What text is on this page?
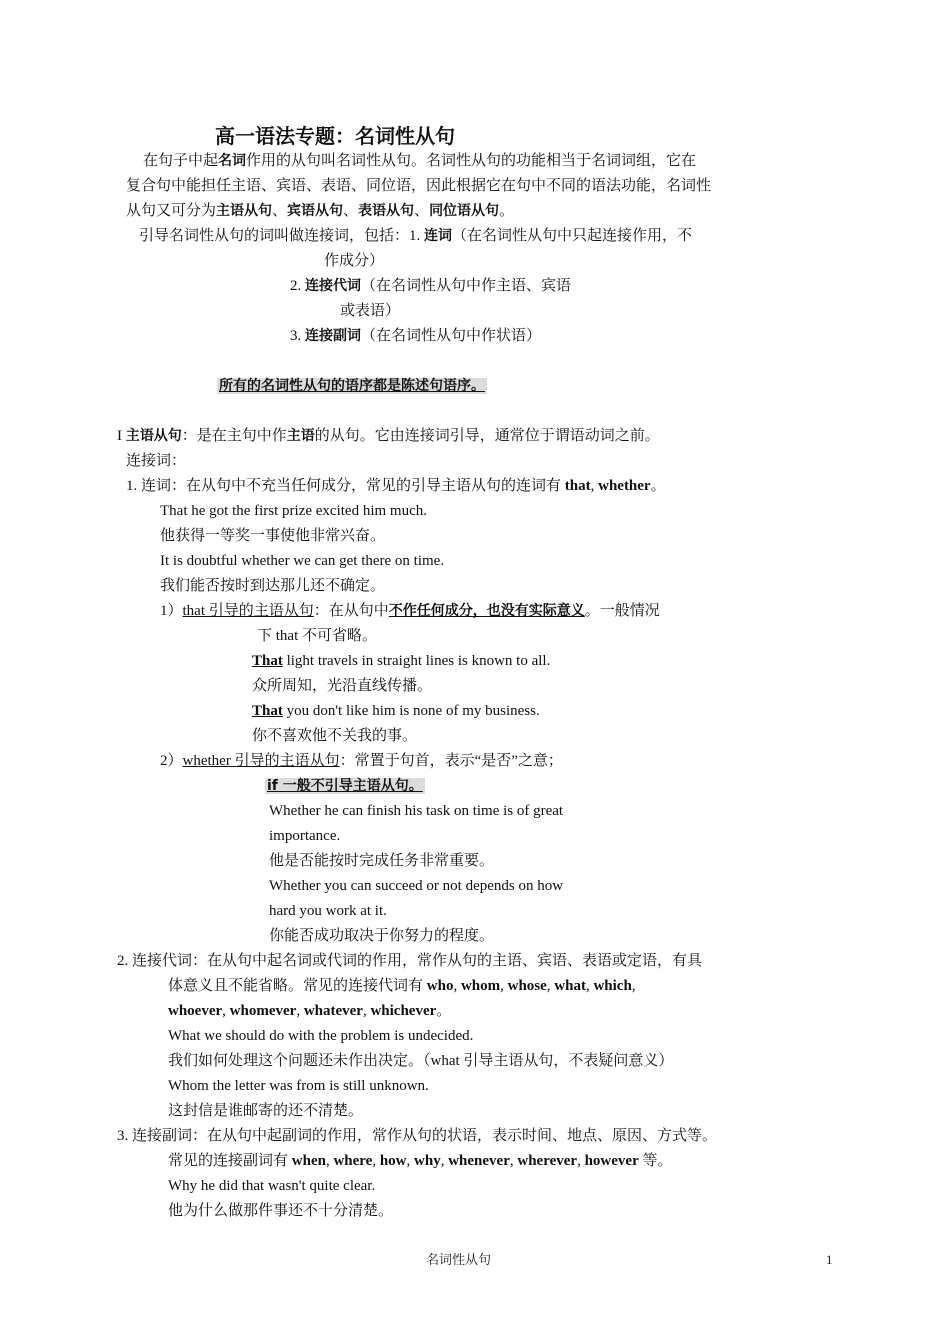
高一语法专题：名词性从句
在句子中起名词作用的从句叫名词性从句。名词性从句的功能相当于名词词组，它在
复合句中能担任主语、宾语、表语、同位语，因此根据它在句中不同的语法功能，名词性
从句又可分为主语从句、宾语从句、表语从句、同位语从句。
引导名词性从句的词叫做连接词，包括：1. 连词（在名词性从句中只起连接作用，不
作成分）
2. 连接代词（在名词性从句中作主语、宾语
或表语）
3. 连接副词（在名词性从句中作状语）
所有的名词性从句的语序都是陈述句语序。
I 主语从句：是在主句中作主语的从句。它由连接词引导，通常位于谓语动词之前。
连接词：
1. 连词：在从句中不充当任何成分，常见的引导主语从句的连词有 that, whether。
That he got the first prize excited him much.
他获得一等奖一事使他非常兴奋。
It is doubtful whether we can get there on time.
我们能否按时到达那儿还不确定。
1）that 引导的主语从句：在从句中不作任何成分，也没有实际意义。一般情况
下 that 不可省略。
That light travels in straight lines is known to all.
众所周知，光沿直线传播。
That you don't like him is none of my business.
你不喜欢他不关我的事。
2）whether 引导的主语从句：常置于句首，表示“是否”之意；
if 一般不引导主语从句。
Whether he can finish his task on time is of great
importance.
他是否能按时完成任务非常重要。
Whether you can succeed or not depends on how
hard you work at it.
你能否成功取决于你努力的程度。
2. 连接代词：在从句中起名词或代词的作用，常作从句的主语、宾语、表语或定语，有具
体意义且不能省略。常见的连接代词有 who, whom, whose, what, which,
whoever, whomever, whatever, whichever。
What we should do with the problem is undecided.
我们如何处理这个问题还未作出决定。（what 引导主语从句，不表疑问意义）
Whom the letter was from is still unknown.
这封信是谁邮寄的还不清楚。
3. 连接副词：在从句中起副词的作用，常作从句的状语，表示时间、地点、原因、方式等。
常见的连接副词有 when, where, how, why, whenever, wherever, however 等。
Why he did that wasn't quite clear.
他为什么做那件事还不十分清楚。
名词性从句	1
